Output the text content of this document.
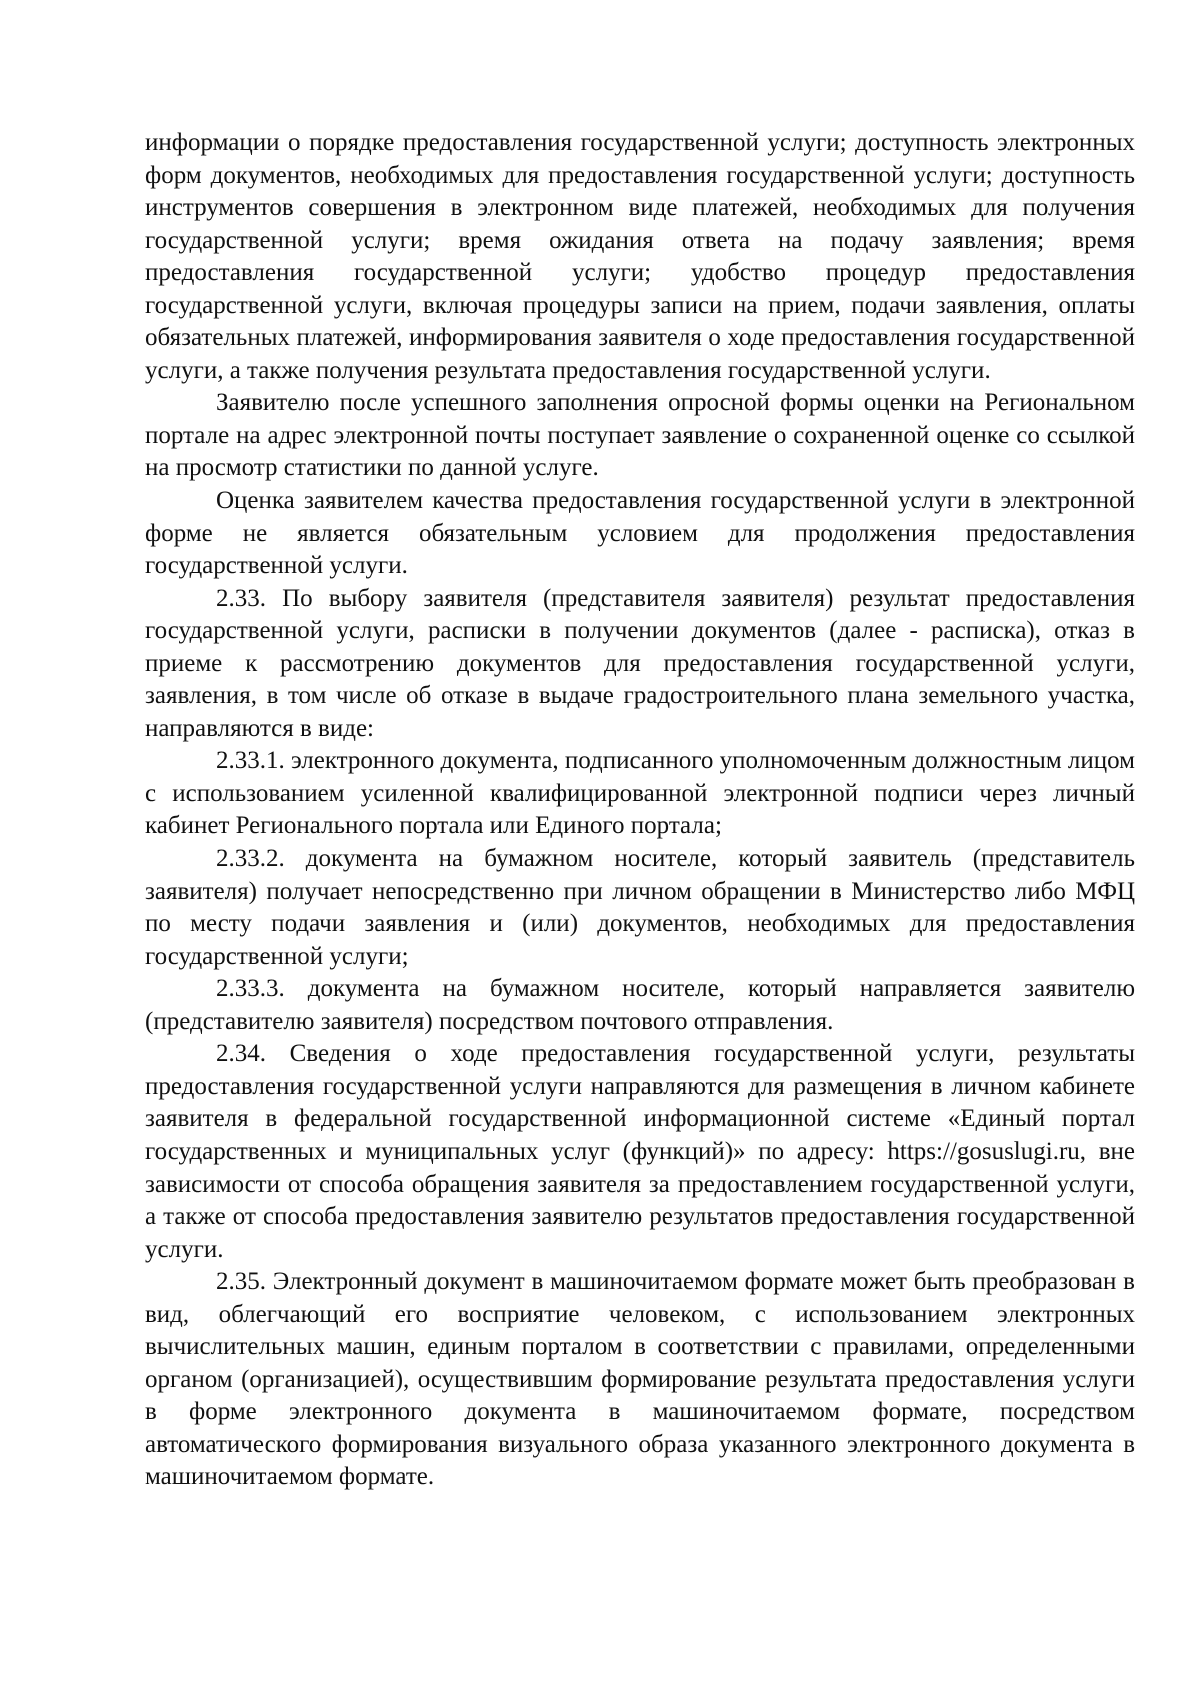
информации о порядке предоставления государственной услуги; доступность электронных форм документов, необходимых для предоставления государственной услуги; доступность инструментов совершения в электронном виде платежей, необходимых для получения государственной услуги; время ожидания ответа на подачу заявления; время предоставления государственной услуги; удобство процедур предоставления государственной услуги, включая процедуры записи на прием, подачи заявления, оплаты обязательных платежей, информирования заявителя о ходе предоставления государственной услуги, а также получения результата предоставления государственной услуги.

Заявителю после успешного заполнения опросной формы оценки на Региональном портале на адрес электронной почты поступает заявление о сохраненной оценке со ссылкой на просмотр статистики по данной услуге.

Оценка заявителем качества предоставления государственной услуги в электронной форме не является обязательным условием для продолжения предоставления государственной услуги.

2.33. По выбору заявителя (представителя заявителя) результат предоставления государственной услуги, расписки в получении документов (далее - расписка), отказ в приеме к рассмотрению документов для предоставления государственной услуги, заявления, в том числе об отказе в выдаче градостроительного плана земельного участка, направляются в виде:

2.33.1. электронного документа, подписанного уполномоченным должностным лицом с использованием усиленной квалифицированной электронной подписи через личный кабинет Регионального портала или Единого портала;

2.33.2. документа на бумажном носителе, который заявитель (представитель заявителя) получает непосредственно при личном обращении в Министерство либо МФЦ по месту подачи заявления и (или) документов, необходимых для предоставления государственной услуги;

2.33.3. документа на бумажном носителе, который направляется заявителю (представителю заявителя) посредством почтового отправления.

2.34. Сведения о ходе предоставления государственной услуги, результаты предоставления государственной услуги направляются для размещения в личном кабинете заявителя в федеральной государственной информационной системе «Единый портал государственных и муниципальных услуг (функций)» по адресу: https://gosuslugi.ru, вне зависимости от способа обращения заявителя за предоставлением государственной услуги, а также от способа предоставления заявителю результатов предоставления государственной услуги.

2.35. Электронный документ в машиночитаемом формате может быть преобразован в вид, облегчающий его восприятие человеком, с использованием электронных вычислительных машин, единым порталом в соответствии с правилами, определенными органом (организацией), осуществившим формирование результата предоставления услуги в форме электронного документа в машиночитаемом формате, посредством автоматического формирования визуального образа указанного электронного документа в машиночитаемом формате.
